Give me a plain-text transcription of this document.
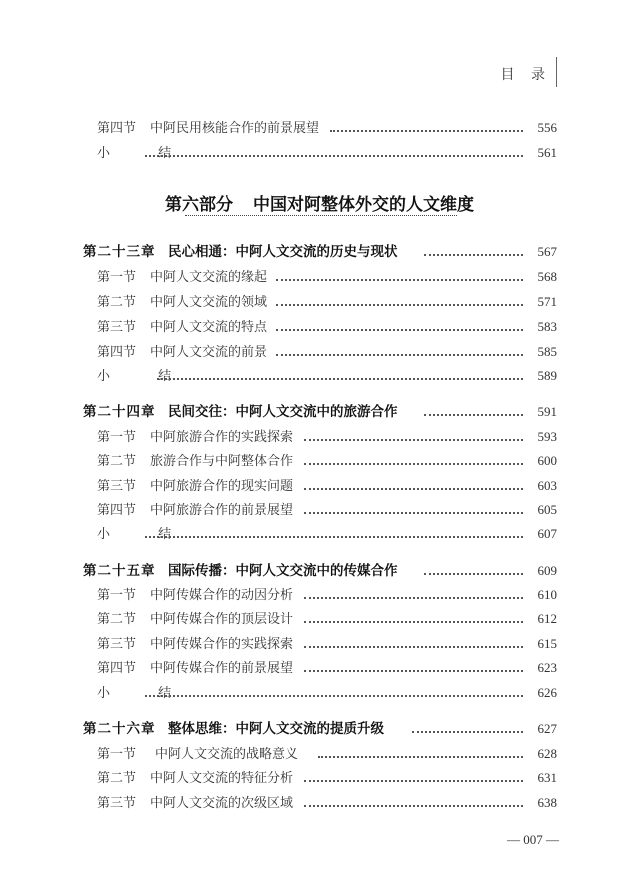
目 录
第四节 中阿民用核能合作的前景展望	556
小 结	561
第六部分 中国对阿整体外交的人文维度
第二十三章 民心相通：中阿人文交流的历史与现状	567
第一节 中阿人文交流的缘起	568
第二节 中阿人文交流的领域	571
第三节 中阿人文交流的特点	583
第四节 中阿人文交流的前景	585
小 结	589
第二十四章 民间交往：中阿人文交流中的旅游合作	591
第一节 中阿旅游合作的实践探索	593
第二节 旅游合作与中阿整体合作	600
第三节 中阿旅游合作的现实问题	603
第四节 中阿旅游合作的前景展望	605
小 结	607
第二十五章 国际传播：中阿人文交流中的传媒合作	609
第一节 中阿传媒合作的动因分析	610
第二节 中阿传媒合作的顶层设计	612
第三节 中阿传媒合作的实践探索	615
第四节 中阿传媒合作的前景展望	623
小 结	626
第二十六章 整体思维：中阿人文交流的提质升级	627
第一节 中阿人文交流的战略意义	628
第二节 中阿人文交流的特征分析	631
第三节 中阿人文交流的次级区域	638
— 007 —
